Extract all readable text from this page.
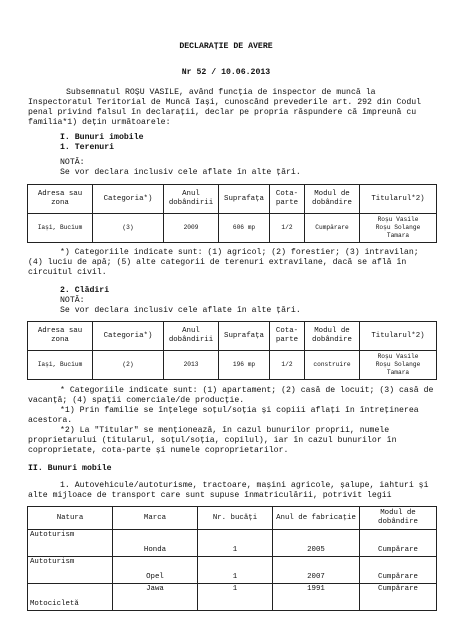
DECLARAȚIE DE AVERE
Nr 52 / 10.06.2013
Subsemnatul ROȘU VASILE, având funcția de inspector de muncă la
Inspectoratul Teritorial de Muncă Iași, cunoscând prevederile art. 292 din Codul
penal privind falsul în declarații, declar pe propria răspundere că împreună cu
familia*1) dețin următoarele:
I. Bunuri imobile
1. Terenuri
NOTĂ:
Se vor declara inclusiv cele aflate în alte țări.
Adresa sau zona	Categoria*)	Anul dobândirii	Suprafața	Cota-parte	Modul de dobândire	Titularul*2)
Iași, Bucium	(3)	2009	606 mp	1/2	Cumpărare	Roșu Vasile
Roșu Solange
Tamara
*) Categoriile indicate sunt: (1) agricol; (2) forestier; (3) intravilan;
(4) luciu de apă; (5) alte categorii de terenuri extravilane, dacă se află în
circuitul civil.
2. Clădiri
NOTĂ:
Se vor declara inclusiv cele aflate în alte țări.
Adresa sau zona	Categoria*)	Anul dobândirii	Suprafața	Cota-parte	Modul de dobândire	Titularul*2)
Iași, Bucium	(2)	2013	196 mp	1/2	construire	Roșu Vasile
Roșu Solange
Tamara
* Categoriile indicate sunt: (1) apartament; (2) casă de locuit; (3) casă de
vacanță; (4) spații comerciale/de producție.
*1) Prin familie se înțelege soțul/soția și copiii aflați în întreținerea
acestora.
*2) La "Titular" se menționează, în cazul bunurilor proprii, numele
proprietarului (titularul, soțul/soția, copilul), iar în cazul bunurilor în
coproprietate, cota-parte și numele coproprietarilor.
II. Bunuri mobile
1. Autovehicule/autoturisme, tractoare, mașini agricole, șalupe, iahturi și
alte mijloace de transport care sunt supuse înmatriculării, potrivit legii
Natura	Marca	Nr. bucăți	Anul de fabricație	Modul de dobândire
Autoturism	Honda	1	2005	Cumpărare
Autoturism	Opel	1	2007	Cumpărare
Motocicletă	Jawa	1	1991	Cumpărare
